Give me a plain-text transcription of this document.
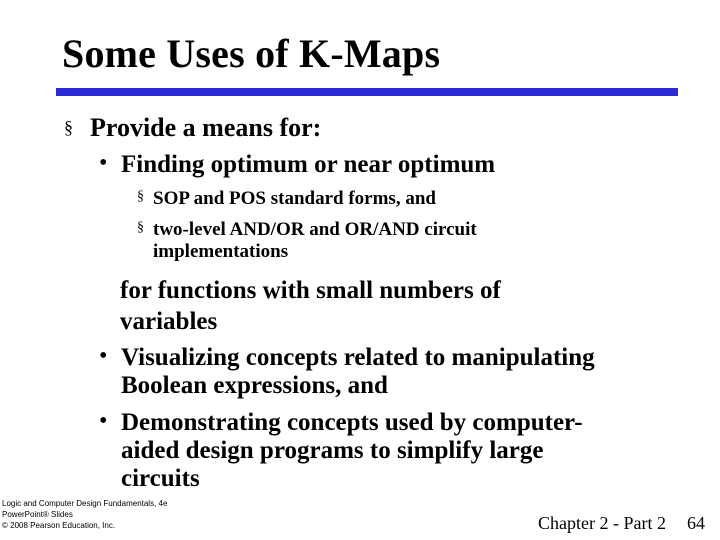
Some Uses of K-Maps
§ Provide a means for:
• Finding optimum or near optimum
§ SOP and POS standard forms, and
§ two-level AND/OR and OR/AND circuit
implementations
for functions with small numbers of
variables
• Visualizing concepts related to manipulating
Boolean expressions, and
• Demonstrating concepts used by computer-
aided design programs to simplify large
circuits
Logic and Computer Design Fundamentals, 4e
PowerPoint® Slides
© 2008 Pearson Education, Inc.	Chapter 2 - Part 2 64
